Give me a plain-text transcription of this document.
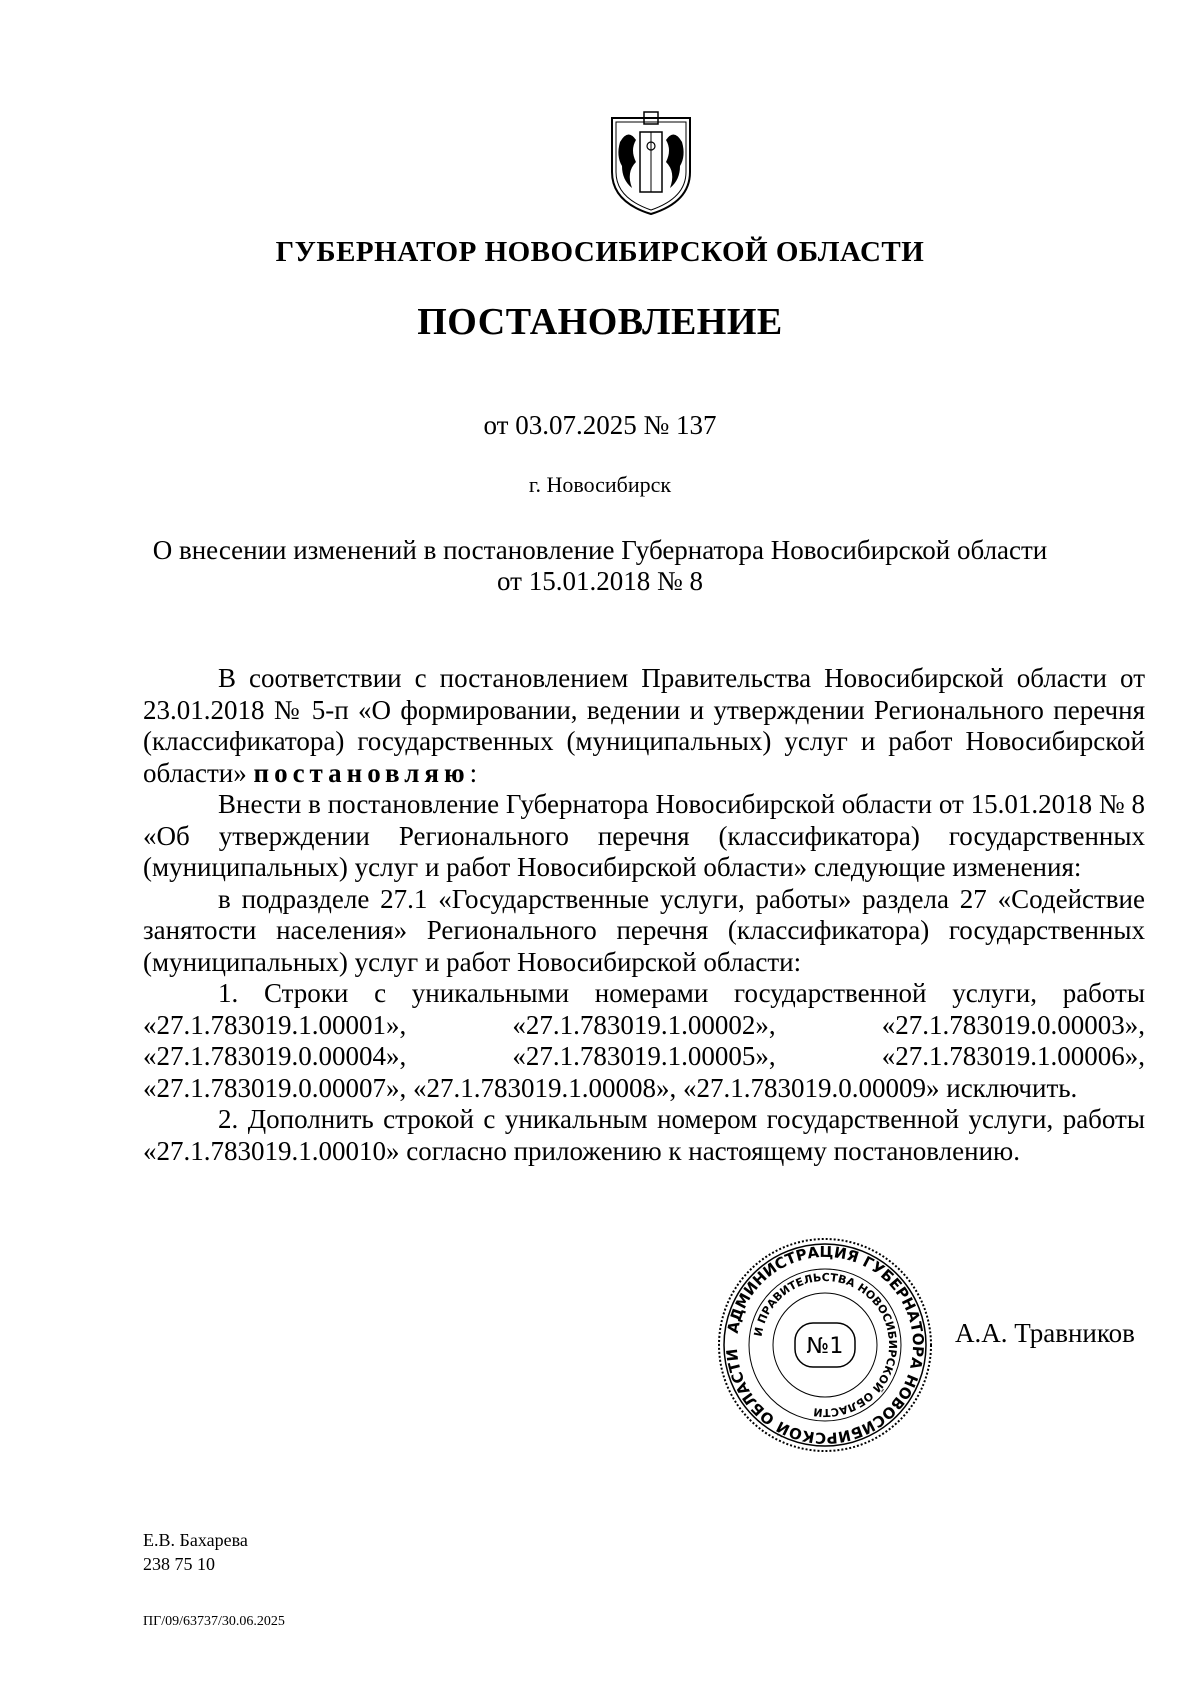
ГУБЕРНАТОР НОВОСИБИРСКОЙ ОБЛАСТИ
ПОСТАНОВЛЕНИЕ
от 03.07.2025 № 137
г. Новосибирск
О внесении изменений в постановление Губернатора Новосибирской области
от 15.01.2018 № 8

В соответствии с постановлением Правительства Новосибирской области от 23.01.2018 № 5-п «О формировании, ведении и утверждении Регионального перечня (классификатора) государственных (муниципальных) услуг и работ Новосибирской области» постановляю:

Внести в постановление Губернатора Новосибирской области от 15.01.2018 № 8 «Об утверждении Регионального перечня (классификатора) государственных (муниципальных) услуг и работ Новосибирской области» следующие изменения:

в подразделе 27.1 «Государственные услуги, работы» раздела 27 «Содействие занятости населения» Регионального перечня (классификатора) государственных (муниципальных) услуг и работ Новосибирской области:

1. Строки с уникальными номерами государственной услуги, работы «27.1.783019.1.00001», «27.1.783019.1.00002», «27.1.783019.0.00003», «27.1.783019.0.00004», «27.1.783019.1.00005», «27.1.783019.1.00006», «27.1.783019.0.00007», «27.1.783019.1.00008», «27.1.783019.0.00009» исключить.

2. Дополнить строкой с уникальным номером государственной услуги, работы «27.1.783019.1.00010» согласно приложению к настоящему постановлению.

АДМИНИСТРАЦИЯ ГУБЕРНАТОРА НОВОСИБИРСКОЙ ОБЛАСТИ
И ПРАВИТЕЛЬСТВА НОВОСИБИРСКОЙ ОБЛАСТИ
№1	А.А. Травников
Е.В. Бахарева
238 75 10
ПГ/09/63737/30.06.2025
